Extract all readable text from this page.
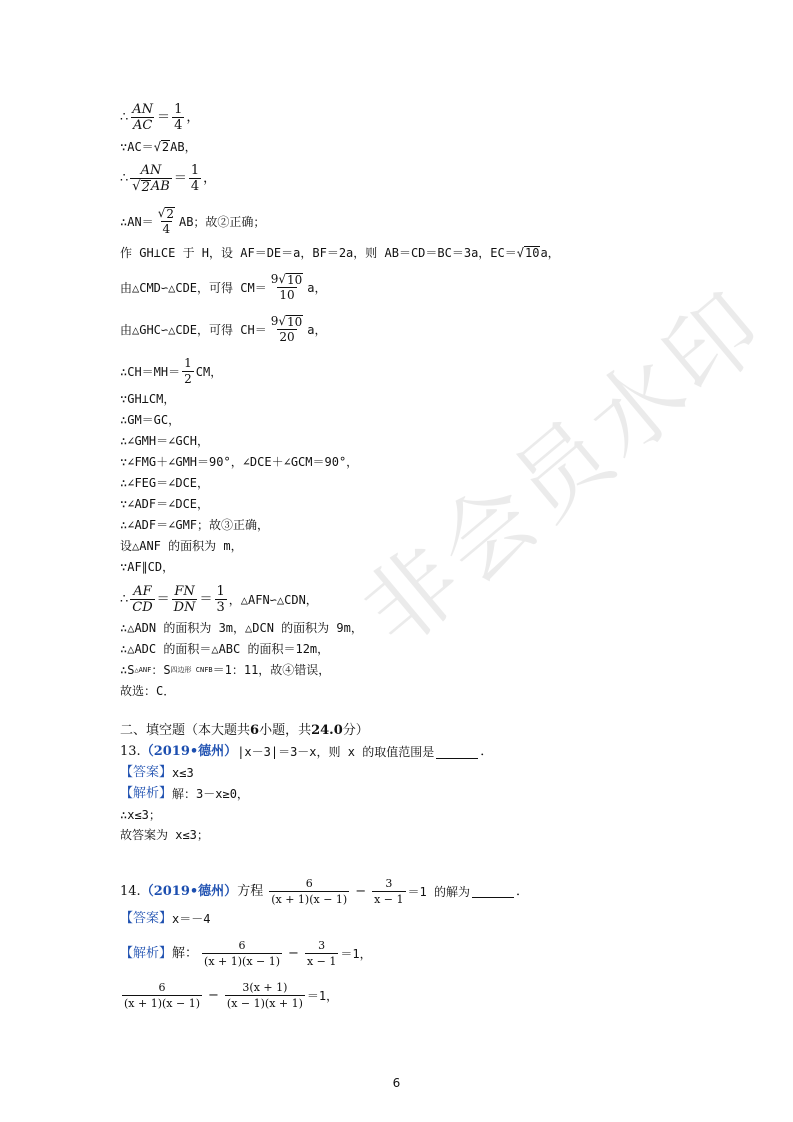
非会员水印
∴ $\frac{AN}{AC} = \frac{1}{4}$ ，
∵AC＝ √ 2 AB，
∴ $\frac{AN}{√ 2 AB} = \frac{1}{4}$ ，
∴AN＝ $\frac{√ 2}{4}$ AB；故②正确；
作 GH⊥CE 于 H，设 AF＝DE＝a，BF＝2a，则 AB＝CD＝BC＝3a，EC＝ √ 10 a，
由△CMD∽△CDE，可得 $CM= \frac{9√ 10}{10}$ a，
由△GHC∽△CDE，可得 $CH= \frac{9√ 10}{20}$ a，
∴CH＝MH＝ $\frac{1}{2}$ CM，
∵GH⊥CM，
∴GM＝GC，
∴∠GMH＝∠GCH，
∵∠FMG＋∠GMH＝90°，∠DCE＋∠GCM＝90°，
∴∠FEG＝∠DCE，
∵∠ADF＝∠DCE，
∴∠ADF＝∠GMF；故③正确，
设△ANF 的面积为 m，
∵AF∥CD，
∴ $\frac{AF}{CD} = \frac{FN}{DN} = \frac{1}{3}$ ，△AFN∽△CDN，
∴△ADN 的面积为 3m，△DCN 的面积为 9m，
∴△ADC 的面积＝△ABC 的面积＝12m，
∴S △ANF ：S 四边形 CNFB ＝1：11，故④错误，
故选：C．
二、填空题（本大题共 6 小题，共 24.0 分）
13. （2019•德州） |x－3|＝3－x，则 x 的取值范围是	．
【答案】 x≤3
【解析】 解：3－x≥0，
∴x≤3；
故答案为 x≤3；
14. （2019•德州） 方程 $\frac{6}{(x + 1)(x - 1)} - \frac{3}{x - 1} =1$ 的解为	．
【答案】 x＝－4
【解析】 解： $\frac{6}{(x + 1)(x - 1)} - \frac{3}{x - 1} =1$，
$\frac{6}{(x + 1)(x - 1)} - \frac{3(x + 1)}{(x - 1)(x + 1)} =1$，
6
